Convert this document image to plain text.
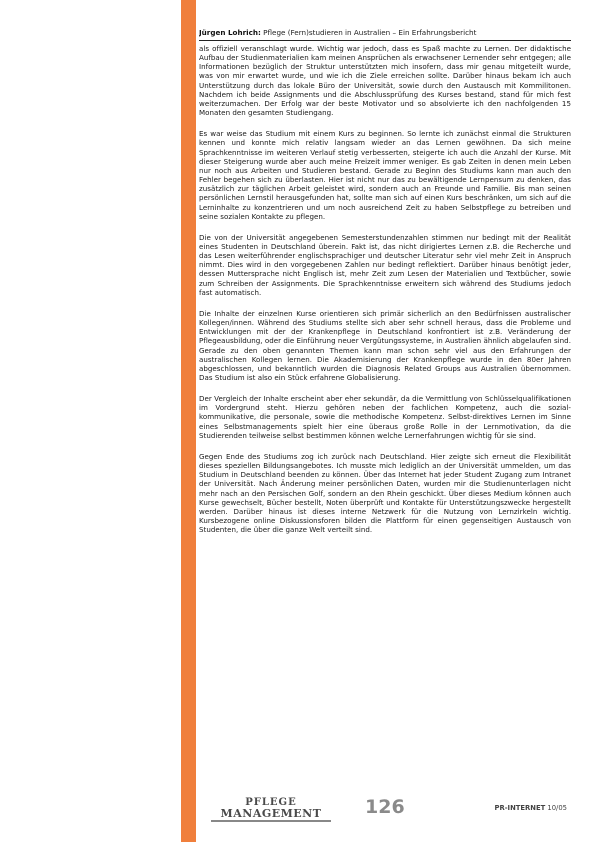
Jürgen Lohrich: Pflege (Fern)studieren in Australien – Ein Erfahrungsbericht

als offiziell veranschlagt wurde. Wichtig war jedoch, dass es Spaß machte zu Lernen. Der didaktische Aufbau der Studienmaterialien kam meinen Ansprüchen als erwachsener Lernender sehr entgegen; alle Informationen bezüglich der Struktur unterstützten mich insofern, dass mir genau mitgeteilt wurde, was von mir erwartet wurde, und wie ich die Ziele erreichen sollte. Darüber hinaus bekam ich auch Unterstützung durch das lokale Büro der Universität, sowie durch den Austausch mit Kommilitonen. Nachdem ich beide Assignments und die Abschlussprüfung des Kurses bestand, stand für mich fest weiterzumachen. Der Erfolg war der beste Motivator und so absolvierte ich den nachfolgenden 15 Monaten den gesamten Studiengang.

Es war weise das Studium mit einem Kurs zu beginnen. So lernte ich zunächst einmal die Strukturen kennen und konnte mich relativ langsam wieder an das Lernen gewöhnen. Da sich meine Sprachkenntnisse im weiteren Verlauf stetig verbesserten, steigerte ich auch die Anzahl der Kurse. Mit dieser Steigerung wurde aber auch meine Freizeit immer weniger. Es gab Zeiten in denen mein Leben nur noch aus Arbeiten und Studieren bestand. Gerade zu Beginn des Studiums kann man auch den Fehler begehen sich zu überlasten. Hier ist nicht nur das zu bewältigende Lernpensum zu denken, das zusätzlich zur täglichen Arbeit geleistet wird, sondern auch an Freunde und Familie. Bis man seinen persönlichen Lernstil herausgefunden hat, sollte man sich auf einen Kurs beschränken, um sich auf die Lerninhalte zu konzentrieren und um noch ausreichend Zeit zu haben Selbstpflege zu betreiben und seine sozialen Kontakte zu pflegen.

Die von der Universität angegebenen Semesterstundenzahlen stimmen nur bedingt mit der Realität eines Studenten in Deutschland überein. Fakt ist, das nicht dirigiertes Lernen z.B. die Recherche und das Lesen weiterführender englischsprachiger und deutscher Literatur sehr viel mehr Zeit in Anspruch nimmt. Dies wird in den vorgegebenen Zahlen nur bedingt reflektiert. Darüber hinaus benötigt jeder, dessen Muttersprache nicht Englisch ist, mehr Zeit zum Lesen der Materialien und Textbücher, sowie zum Schreiben der Assignments. Die Sprachkenntnisse erweitern sich während des Studiums jedoch fast automatisch.

Die Inhalte der einzelnen Kurse orientieren sich primär sicherlich an den Bedürfnissen australischer Kollegen/innen. Während des Studiums stellte sich aber sehr schnell heraus, dass die Probleme und Entwicklungen mit der der Krankenpflege in Deutschland konfrontiert ist z.B. Veränderung der Pflegeausbildung, oder die Einführung neuer Vergütungssysteme, in Australien ähnlich abgelaufen sind. Gerade zu den oben genannten Themen kann man schon sehr viel aus den Erfahrungen der australischen Kollegen lernen. Die Akademisierung der Krankenpflege wurde in den 80er Jahren abgeschlossen, und bekanntlich wurden die Diagnosis Related Groups aus Australien übernommen. Das Studium ist also ein Stück erfahrene Globalisierung.

Der Vergleich der Inhalte erscheint aber eher sekundär, da die Vermittlung von Schlüsselqualifikationen im Vordergrund steht. Hierzu gehören neben der fachlichen Kompetenz, auch die sozial-kommunikative, die personale, sowie die methodische Kompetenz. Selbst-direktives Lernen im Sinne eines Selbstmanagements spielt hier eine überaus große Rolle in der Lernmotivation, da die Studierenden teilweise selbst bestimmen können welche Lernerfahrungen wichtig für sie sind.

Gegen Ende des Studiums zog ich zurück nach Deutschland. Hier zeigte sich erneut die Flexibilität dieses speziellen Bildungsangebotes. Ich musste mich lediglich an der Universität ummelden, um das Studium in Deutschland beenden zu können. Über das Internet hat jeder Student Zugang zum Intranet der Universität. Nach Änderung meiner persönlichen Daten, wurden mir die Studienunterlagen nicht mehr nach an den Persischen Golf, sondern an den Rhein geschickt. Über dieses Medium können auch Kurse gewechselt, Bücher bestellt, Noten überprüft und Kontakte für Unterstützungszwecke hergestellt werden. Darüber hinaus ist dieses interne Netzwerk für die Nutzung von Lernzirkeln wichtig. Kursbezogene online Diskussionsforen bilden die Plattform für einen gegenseitigen Austausch von Studenten, die über die ganze Welt verteilt sind.

PFLEGE
MANAGEMENT	126	PR-INTERNET 10/05
